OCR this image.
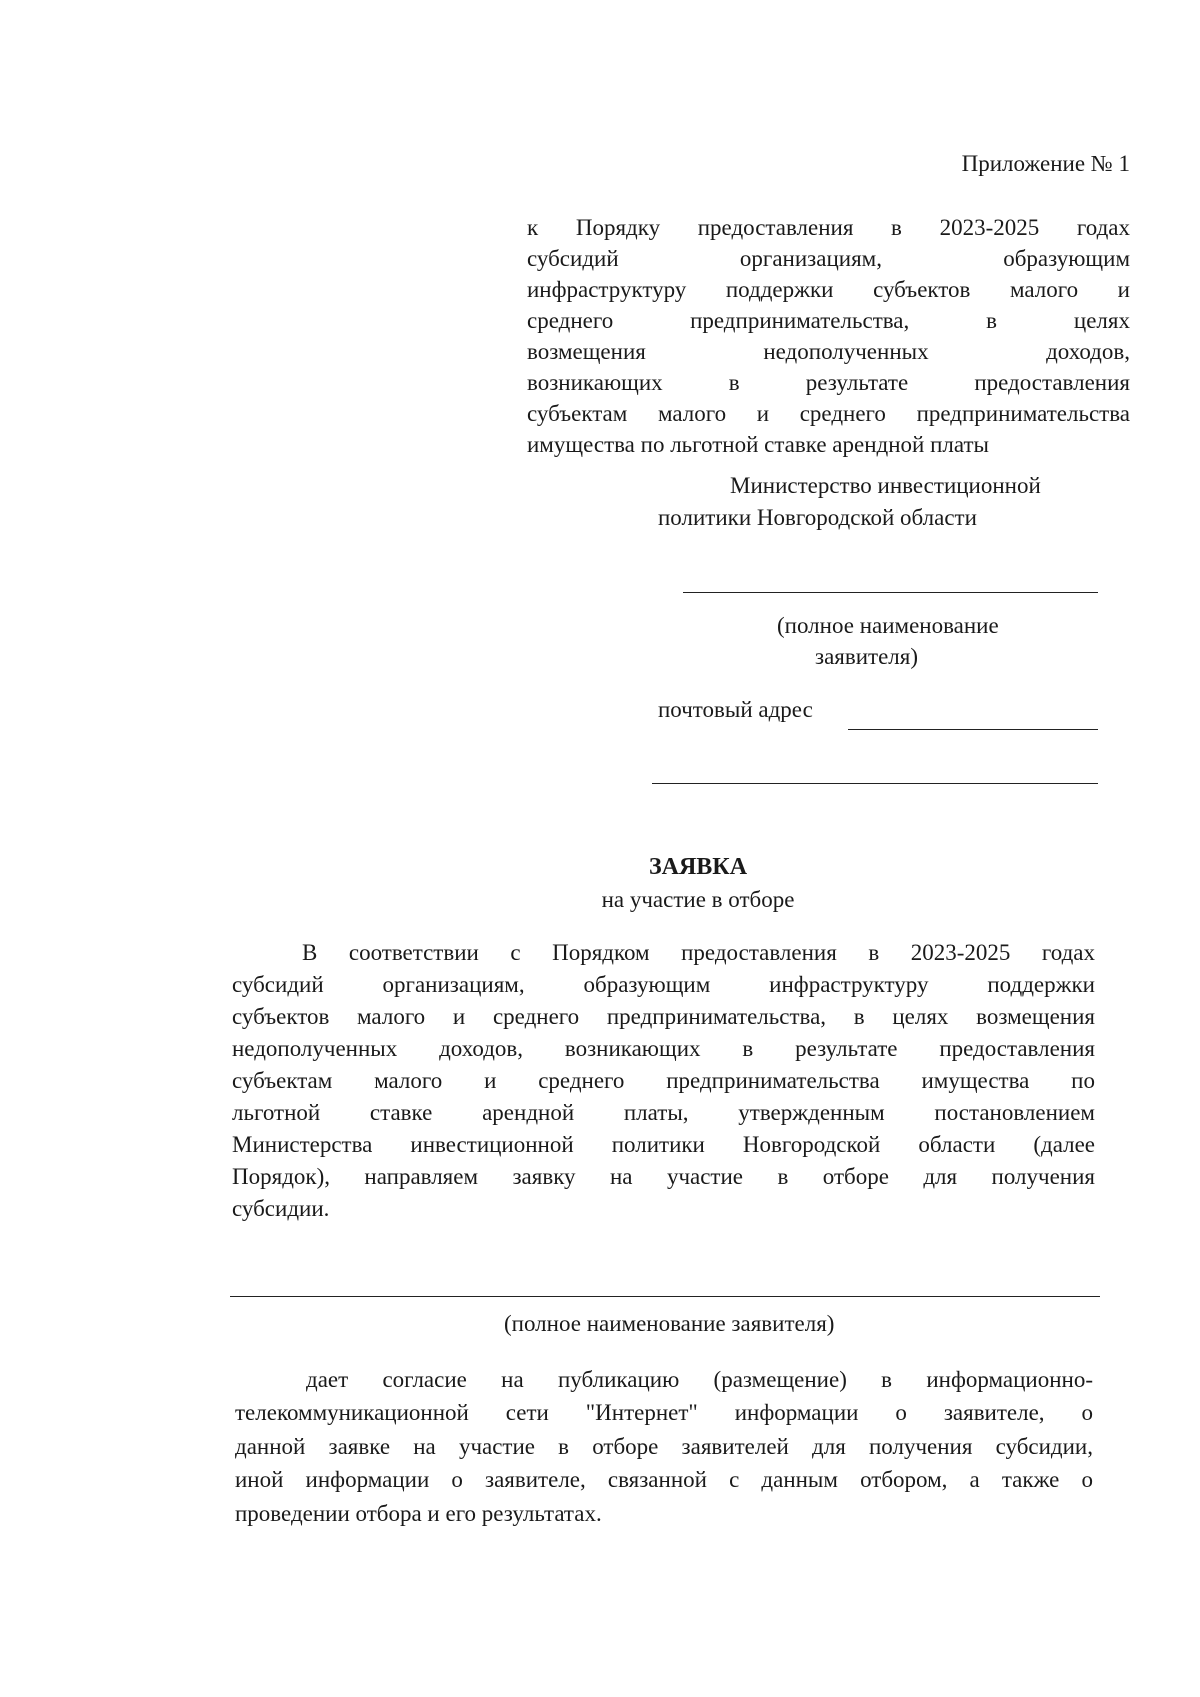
Приложение № 1
к Порядку предоставления в 2023-2025 годах
субсидий организациям, образующим
инфраструктуру поддержки субъектов малого и
среднего предпринимательства, в целях
возмещения недополученных доходов,
возникающих в результате предоставления
субъектам малого и среднего предпринимательства
имущества по льготной ставке арендной платы
Министерство инвестиционной
политики Новгородской области
(полное наименование
заявителя)
почтовый адрес
ЗАЯВКА
на участие в отборе
В соответствии с Порядком предоставления в 2023-2025 годах
субсидий организациям, образующим инфраструктуру поддержки
субъектов малого и среднего предпринимательства, в целях возмещения
недополученных доходов, возникающих в результате предоставления
субъектам малого и среднего предпринимательства имущества по
льготной ставке арендной платы, утвержденным постановлением
Министерства инвестиционной политики Новгородской области (далее
Порядок), направляем заявку на участие в отборе для получения
субсидии.
(полное наименование заявителя)
дает согласие на публикацию (размещение) в информационно-
телекоммуникационной сети "Интернет" информации о заявителе, о
данной заявке на участие в отборе заявителей для получения субсидии,
иной информации о заявителе, связанной с данным отбором, а также о
проведении отбора и его результатах.
